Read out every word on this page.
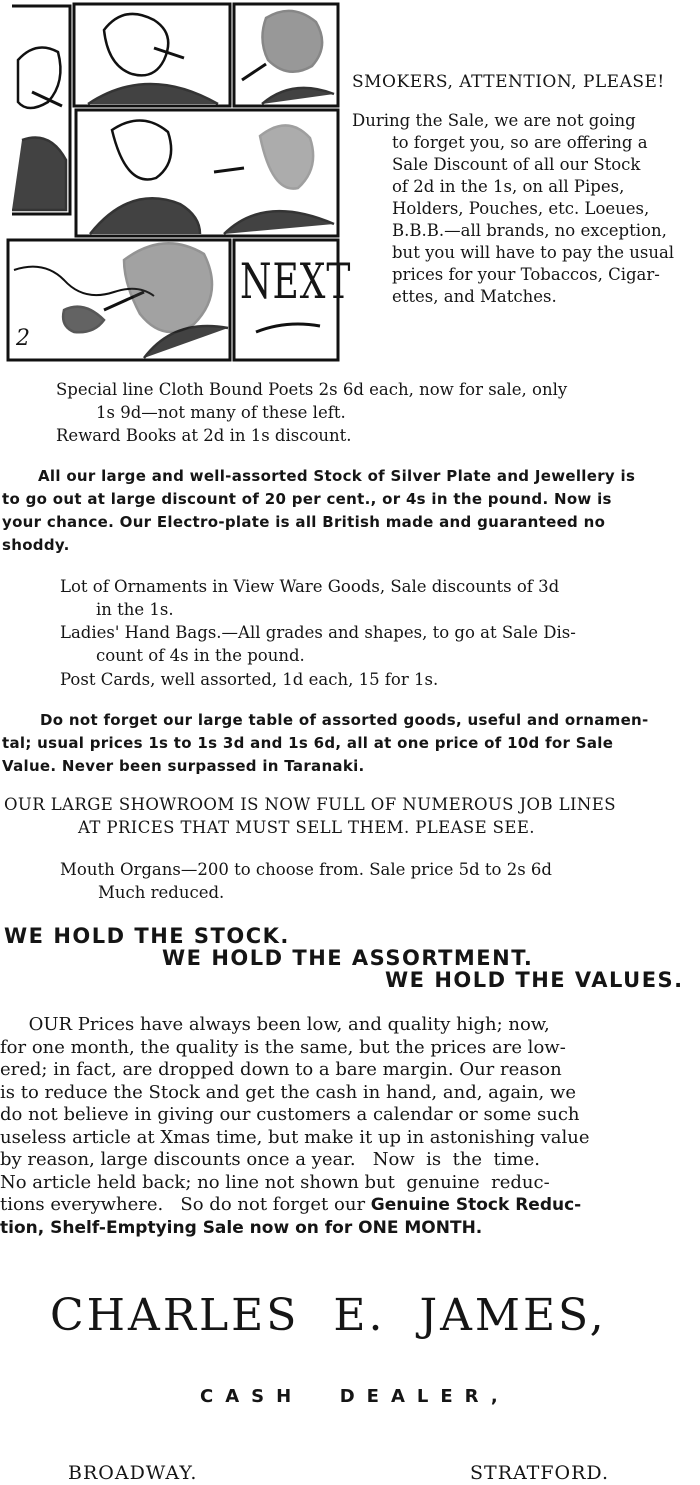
NEXT
2
SMOKERS, ATTENTION, PLEASE!
During the Sale, we are not going
to forget you, so are offering a
Sale Discount of all our Stock
of 2d in the 1s, on all Pipes,
Holders, Pouches, etc. Loeues,
B.B.B.—all brands, no exception,
but you will have to pay the usual
prices for your Tobaccos, Cigar-
ettes, and Matches.
Special line Cloth Bound Poets 2s 6d each, now for sale, only
1s 9d—not many of these left.
Reward Books at 2d in 1s discount.
All our large and well-assorted Stock of Silver Plate and Jewellery is
to go out at large discount of 20 per cent., or 4s in the pound. Now is
your chance. Our Electro-plate is all British made and guaranteed no
shoddy.
Lot of Ornaments in View Ware Goods, Sale discounts of 3d
in the 1s.
Ladies' Hand Bags.—All grades and shapes, to go at Sale Dis-
count of 4s in the pound.
Post Cards, well assorted, 1d each, 15 for 1s.
Do not forget our large table of assorted goods, useful and ornamen-
tal; usual prices 1s to 1s 3d and 1s 6d, all at one price of 10d for Sale
Value. Never been surpassed in Taranaki.
OUR LARGE SHOWROOM IS NOW FULL OF NUMEROUS JOB LINES
AT PRICES THAT MUST SELL THEM. PLEASE SEE.
Mouth Organs—200 to choose from. Sale price 5d to 2s 6d
Much reduced.
WE HOLD THE STOCK.
WE HOLD THE ASSORTMENT.
WE HOLD THE VALUES.
OUR Prices have always been low, and quality high; now,
for one month, the quality is the same, but the prices are low-
ered; in fact, are dropped down to a bare margin. Our reason
is to reduce the Stock and get the cash in hand, and, again, we
do not believe in giving our customers a calendar or some such
useless article at Xmas time, but make it up in astonishing value
by reason, large discounts once a year.   Now  is  the  time.
No article held back; no line not shown but  genuine  reduc-
tions everywhere.   So do not forget our Genuine Stock Reduc-
tion, Shelf-Emptying Sale now on for ONE MONTH.
CHARLES  E.  JAMES,
CASH  DEALER,
BROADWAY.	STRATFORD.
